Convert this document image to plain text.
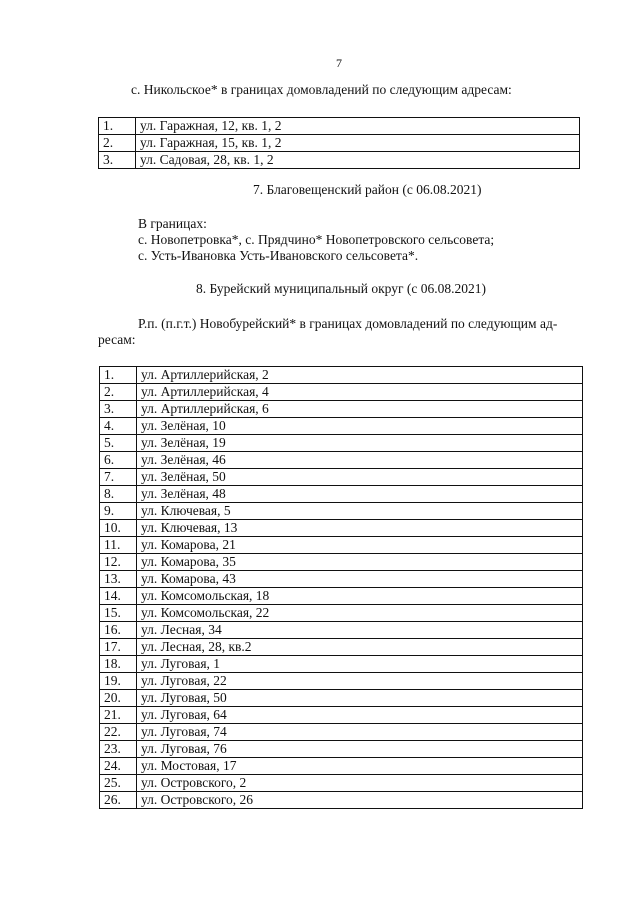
7
с. Никольское* в границах домовладений по следующим адресам:
1.	ул. Гаражная, 12, кв. 1, 2
2.	ул. Гаражная, 15, кв. 1, 2
3.	ул. Садовая, 28, кв. 1, 2
7. Благовещенский район (с 06.08.2021)
В границах:
с. Новопетровка*, с. Прядчино* Новопетровского сельсовета;
с. Усть-Ивановка Усть-Ивановского сельсовета*.
8. Бурейский муниципальный округ (с 06.08.2021)
Р.п. (п.г.т.) Новобурейский* в границах домовладений по следующим ад-
ресам:
1.	ул. Артиллерийская, 2
2.	ул. Артиллерийская, 4
3.	ул. Артиллерийская, 6
4.	ул. Зелёная, 10
5.	ул. Зелёная, 19
6.	ул. Зелёная, 46
7.	ул. Зелёная, 50
8.	ул. Зелёная, 48
9.	ул. Ключевая, 5
10.	ул. Ключевая, 13
11.	ул. Комарова, 21
12.	ул. Комарова, 35
13.	ул. Комарова, 43
14.	ул. Комсомольская, 18
15.	ул. Комсомольская, 22
16.	ул. Лесная, 34
17.	ул. Лесная, 28, кв.2
18.	ул. Луговая, 1
19.	ул. Луговая, 22
20.	ул. Луговая, 50
21.	ул. Луговая, 64
22.	ул. Луговая, 74
23.	ул. Луговая, 76
24.	ул. Мостовая, 17
25.	ул. Островского, 2
26.	ул. Островского, 26
